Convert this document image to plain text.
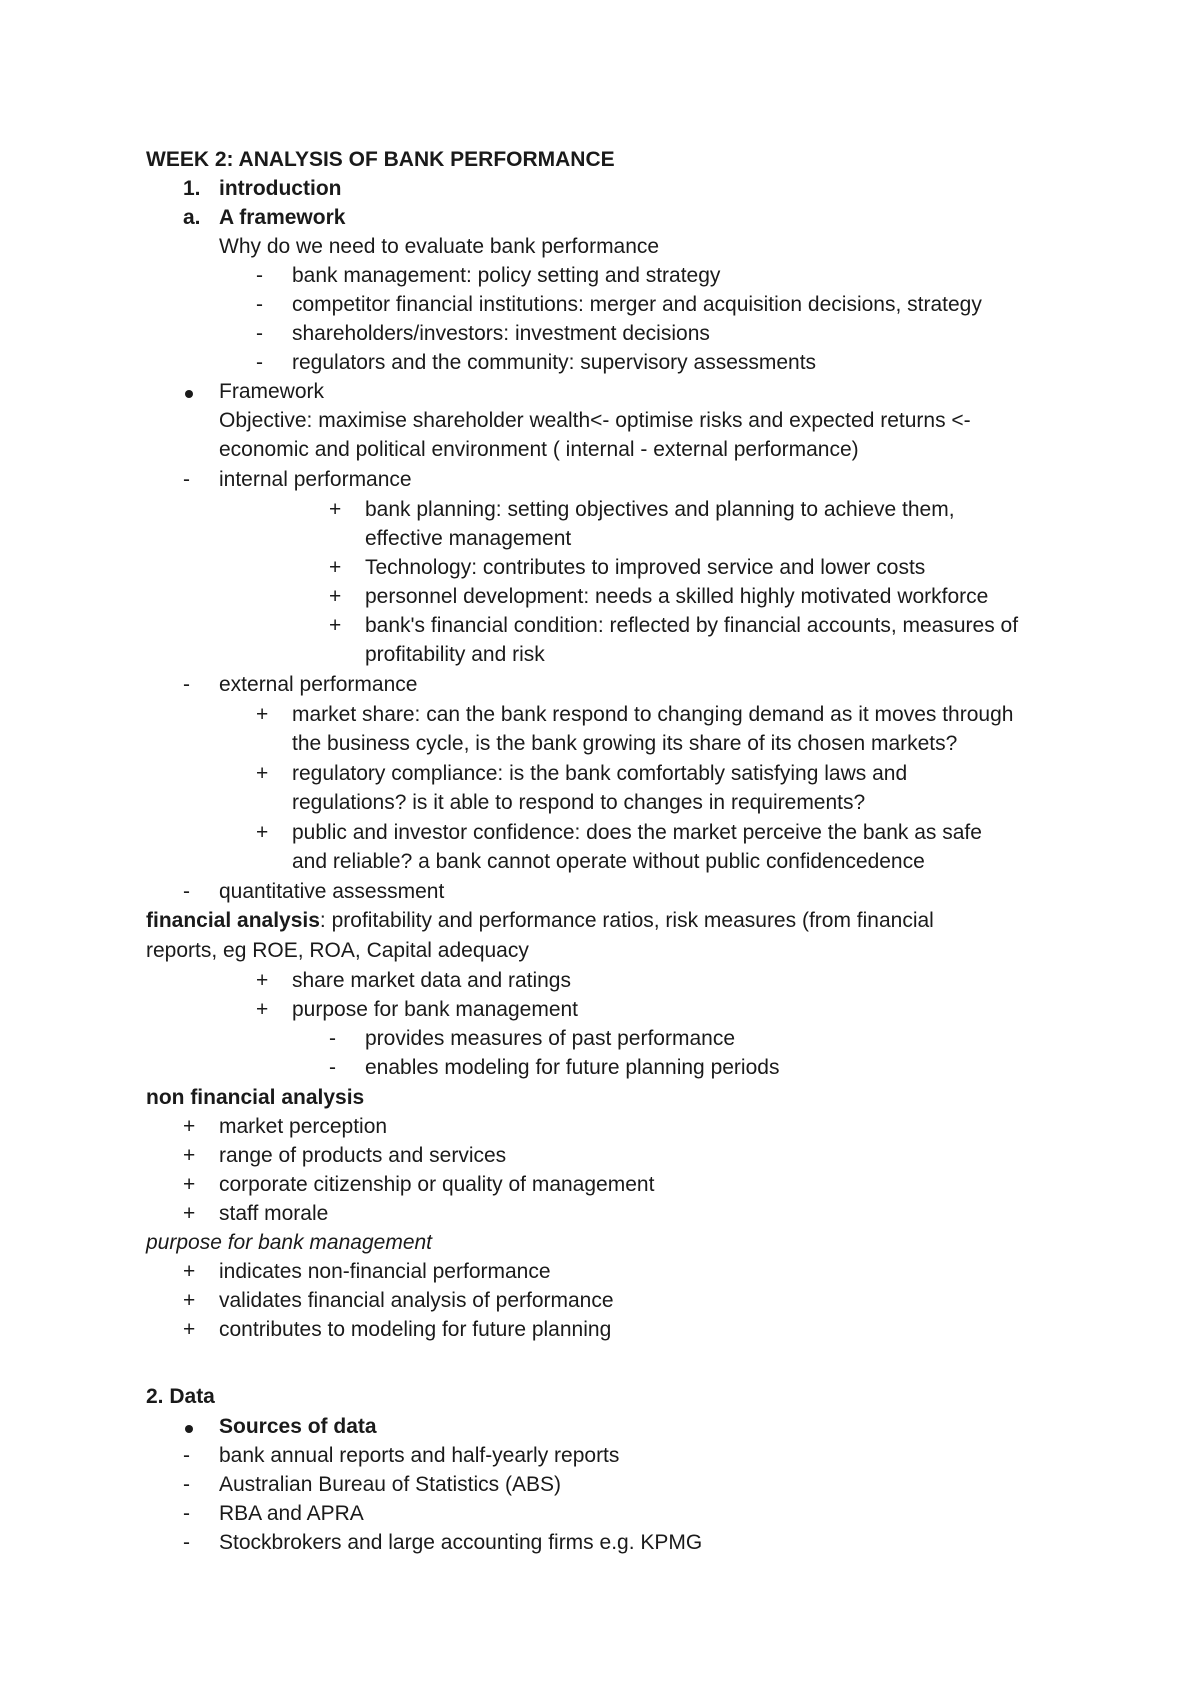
WEEK 2: ANALYSIS OF BANK PERFORMANCE
1. introduction
a. A framework
Why do we need to evaluate bank performance
- bank management: policy setting and strategy
- competitor financial institutions: merger and acquisition decisions, strategy
- shareholders/investors: investment decisions
- regulators and the community: supervisory assessments
Framework
Objective: maximise shareholder wealth<- optimise risks and expected returns <-
economic and political environment ( internal - external performance)
- internal performance
+ bank planning: setting objectives and planning to achieve them,
effective management
+ Technology: contributes to improved service and lower costs
+ personnel development: needs a skilled highly motivated workforce
+ bank's financial condition: reflected by financial accounts, measures of
profitability and risk
- external performance
+ market share: can the bank respond to changing demand as it moves through
the business cycle, is the bank growing its share of its chosen markets?
+ regulatory compliance: is the bank comfortably satisfying laws and
regulations? is it able to respond to changes in requirements?
+ public and investor confidence: does the market perceive the bank as safe
and reliable? a bank cannot operate without public confidencedence
- quantitative assessment
financial analysis: profitability and performance ratios, risk measures (from financial
reports, eg ROE, ROA, Capital adequacy
+ share market data and ratings
+ purpose for bank management
- provides measures of past performance
- enables modeling for future planning periods
non financial analysis
+ market perception
+ range of products and services
+ corporate citizenship or quality of management
+ staff morale
purpose for bank management
+ indicates non-financial performance
+ validates financial analysis of performance
+ contributes to modeling for future planning
2. Data
Sources of data
- bank annual reports and half-yearly reports
- Australian Bureau of Statistics (ABS)
- RBA and APRA
- Stockbrokers and large accounting firms e.g. KPMG
